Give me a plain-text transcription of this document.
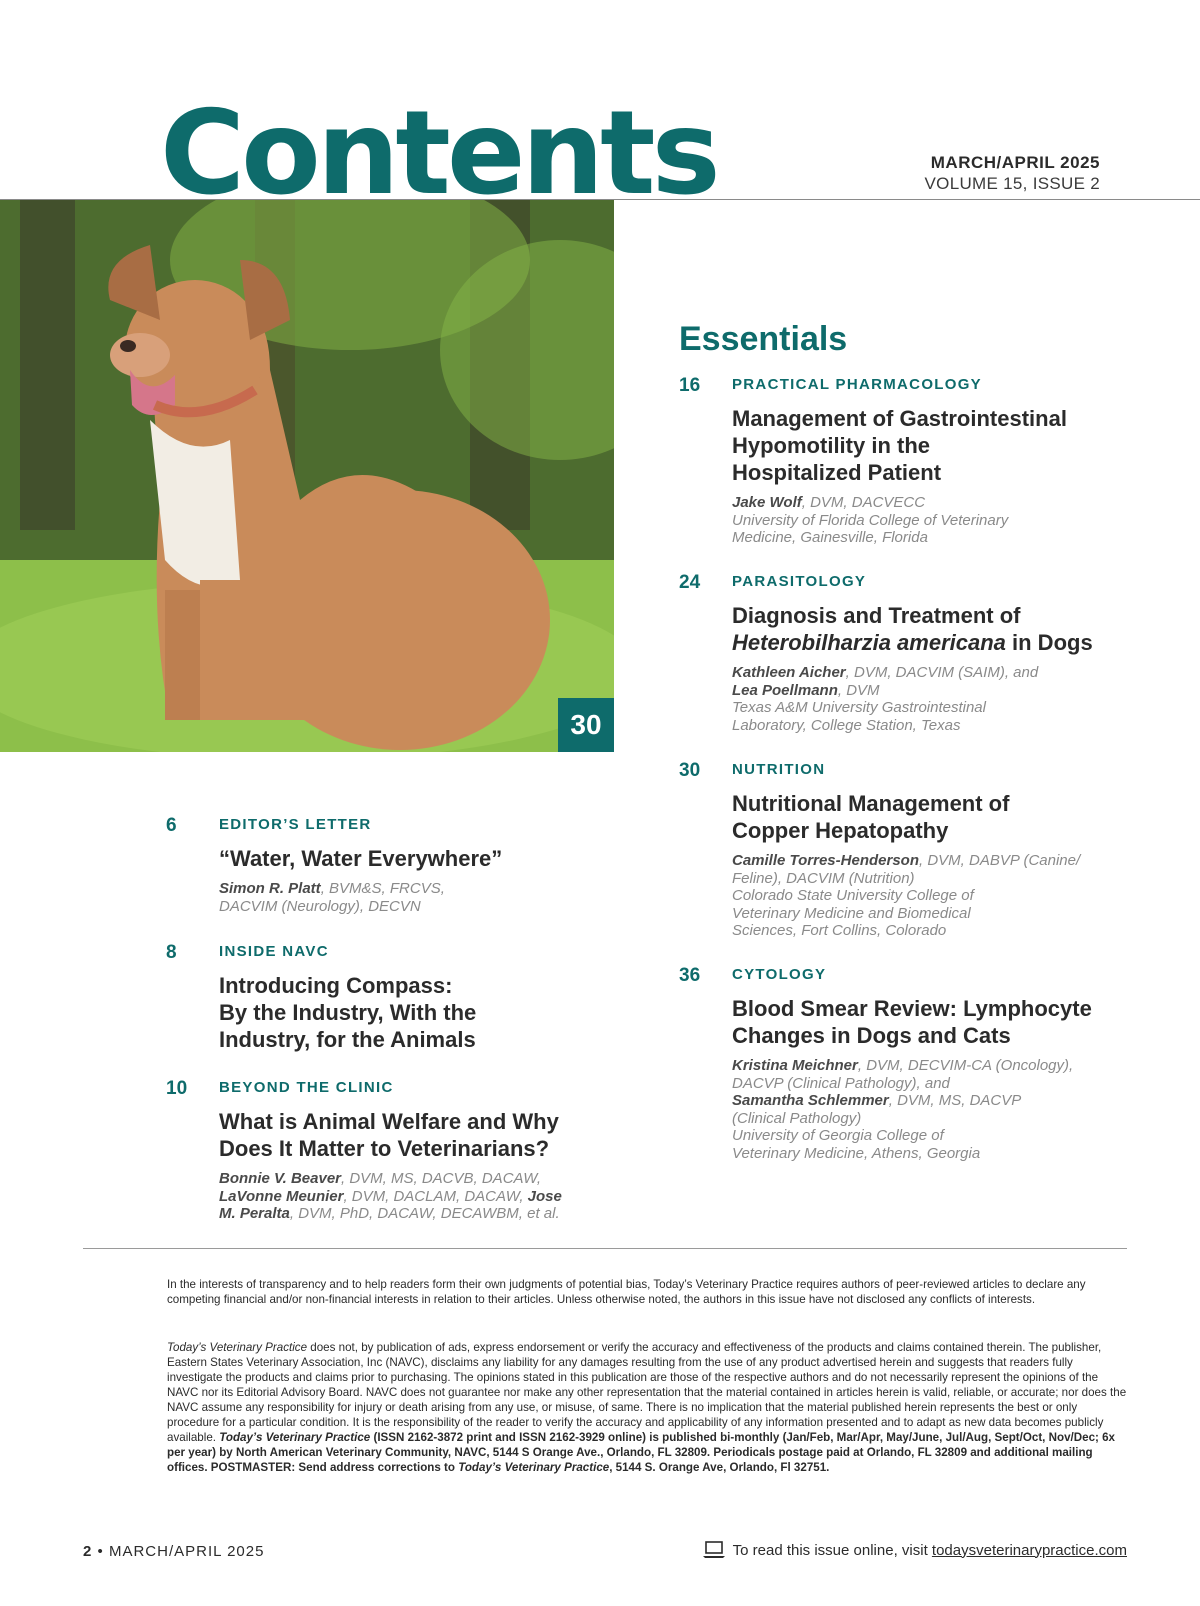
Contents	MARCH/APRIL 2025
VOLUME 15, ISSUE 2
30
Essentials
16 PRACTICAL PHARMACOLOGY
Management of Gastrointestinal
Hypomotility in the
Hospitalized Patient
Jake Wolf, DVM, DACVECC
University of Florida College of Veterinary
Medicine, Gainesville, Florida
24 PARASITOLOGY
Diagnosis and Treatment of
Heterobilharzia americana in Dogs
Kathleen Aicher, DVM, DACVIM (SAIM), and
Lea Poellmann, DVM
Texas A&M University Gastrointestinal
Laboratory, College Station, Texas
30 NUTRITION
Nutritional Management of
Copper Hepatopathy
Camille Torres-Henderson, DVM, DABVP (Canine/
Feline), DACVIM (Nutrition)
Colorado State University College of
Veterinary Medicine and Biomedical
Sciences, Fort Collins, Colorado
36 CYTOLOGY
Blood Smear Review: Lymphocyte
Changes in Dogs and Cats
Kristina Meichner, DVM, DECVIM-CA (Oncology),
DACVP (Clinical Pathology), and
Samantha Schlemmer, DVM, MS, DACVP
(Clinical Pathology)
University of Georgia College of
Veterinary Medicine, Athens, Georgia
6	EDITOR’S LETTER
“Water, Water Everywhere”
Simon R. Platt, BVM&S, FRCVS,
DACVIM (Neurology), DECVN
8	INSIDE NAVC
Introducing Compass:
By the Industry, With the
Industry, for the Animals
10 BEYOND THE CLINIC
What is Animal Welfare and Why
Does It Matter to Veterinarians?
Bonnie V. Beaver, DVM, MS, DACVB, DACAW,
LaVonne Meunier, DVM, DACLAM, DACAW, Jose
M. Peralta, DVM, PhD, DACAW, DECAWBM, et al.

In the interests of transparency and to help readers form their own judgments of potential bias, Today’s Veterinary Practice requires authors of peer-reviewed articles to declare any competing financial and/or non-financial interests in relation to their articles. Unless otherwise noted, the authors in this issue have not disclosed any conflicts of interests.

Today’s Veterinary Practice does not, by publication of ads, express endorsement or verify the accuracy and effectiveness of the products and claims contained therein. The publisher, Eastern States Veterinary Association, Inc (NAVC), disclaims any liability for any damages resulting from the use of any product advertised herein and suggests that readers fully investigate the products and claims prior to purchasing. The opinions stated in this publication are those of the respective authors and do not necessarily represent the opinions of the NAVC nor its Editorial Advisory Board. NAVC does not guarantee nor make any other representation that the material contained in articles herein is valid, reliable, or accurate; nor does the NAVC assume any responsibility for injury or death arising from any use, or misuse, of same. There is no implication that the material published herein represents the best or only procedure for a particular condition. It is the responsibility of the reader to verify the accuracy and applicability of any information presented and to adapt as new data becomes publicly available. Today’s Veterinary Practice (ISSN 2162-3872 print and ISSN 2162-3929 online) is published bi-monthly (Jan/Feb, Mar/Apr, May/June, Jul/Aug, Sept/Oct, Nov/Dec; 6x per year) by North American Veterinary Community, NAVC, 5144 S Orange Ave., Orlando, FL 32809. Periodicals postage paid at Orlando, FL 32809 and additional mailing offices. POSTMASTER: Send address corrections to Today’s Veterinary Practice, 5144 S. Orange Ave, Orlando, Fl 32751.

2 • MARCH/APRIL 2025	To read this issue online, visit todaysveterinarypractice.com
